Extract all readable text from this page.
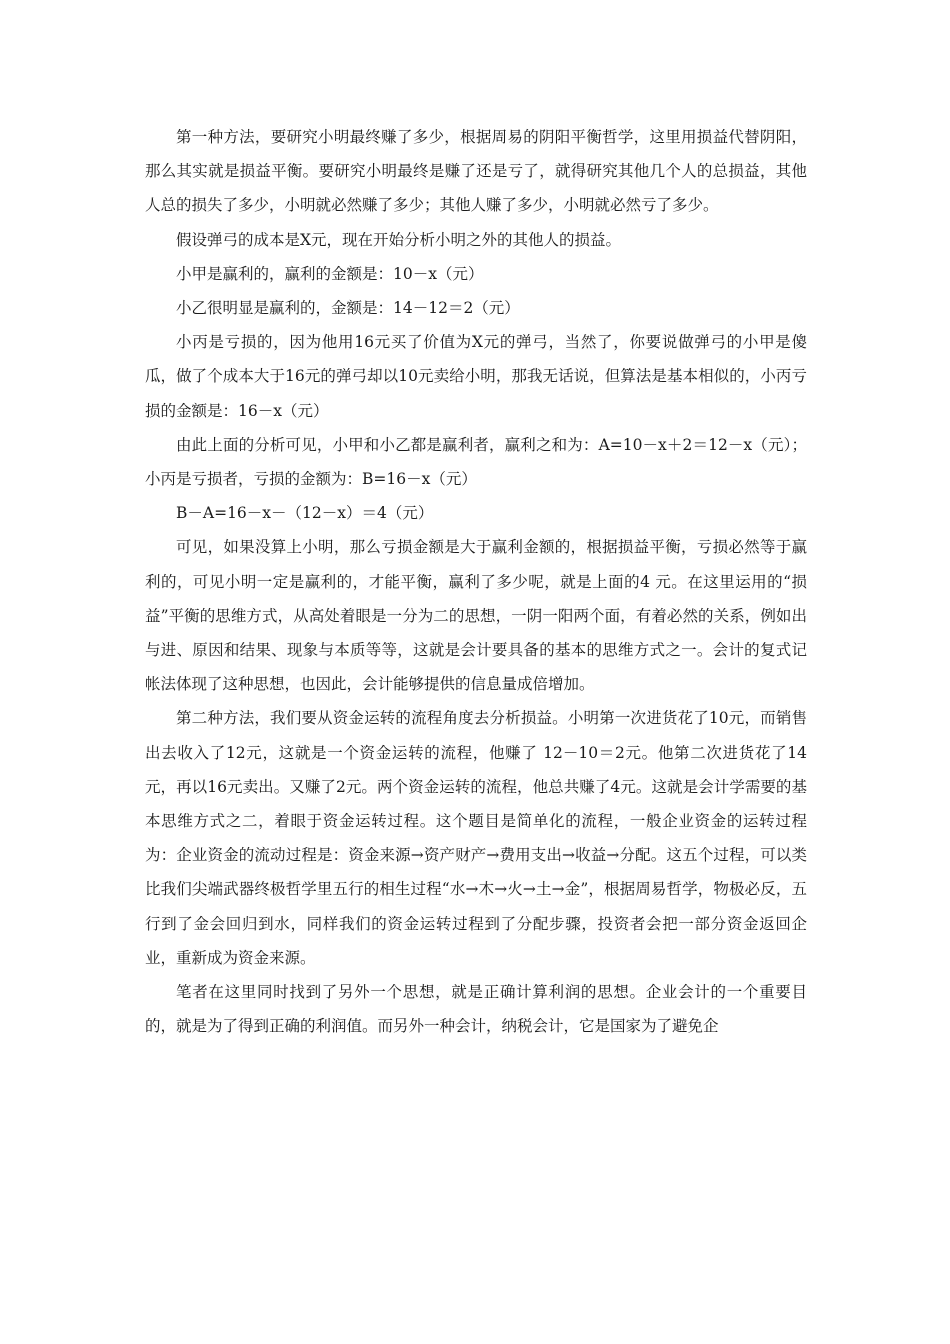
第一种方法，要研究小明最终赚了多少，根据周易的阴阳平衡哲学，这里用损益代替阴阳，那么其实就是损益平衡。要研究小明最终是赚了还是亏了，就得研究其他几个人的总损益，其他人总的损失了多少，小明就必然赚了多少；其他人赚了多少，小明就必然亏了多少。

假设弹弓的成本是X元，现在开始分析小明之外的其他人的损益。

小甲是赢利的，赢利的金额是：10－x（元）

小乙很明显是赢利的，金额是：14－12＝2（元）

小丙是亏损的，因为他用16元买了价值为X元的弹弓，当然了，你要说做弹弓的小甲是傻瓜，做了个成本大于16元的弹弓却以10元卖给小明，那我无话说，但算法是基本相似的，小丙亏损的金额是：16－x（元）

由此上面的分析可见，小甲和小乙都是赢利者，赢利之和为：A=10－x＋2＝12－x（元）；小丙是亏损者，亏损的金额为：B=16－x（元）

B－A=16－x－（12－x）＝4（元）

可见，如果没算上小明，那么亏损金额是大于赢利金额的，根据损益平衡，亏损必然等于赢利的，可见小明一定是赢利的，才能平衡，赢利了多少呢，就是上面的4 元。在这里运用的“损益”平衡的思维方式，从高处着眼是一分为二的思想，一阴一阳两个面，有着必然的关系，例如出与进、原因和结果、现象与本质等等，这就是会计要具备的基本的思维方式之一。会计的复式记帐法体现了这种思想，也因此，会计能够提供的信息量成倍增加。

第二种方法，我们要从资金运转的流程角度去分析损益。小明第一次进货花了10元，而销售出去收入了12元，这就是一个资金运转的流程，他赚了 12－10＝2元。他第二次进货花了14元，再以16元卖出。又赚了2元。两个资金运转的流程，他总共赚了4元。这就是会计学需要的基本思维方式之二，着眼于资金运转过程。这个题目是简单化的流程，一般企业资金的运转过程为：企业资金的流动过程是：资金来源→资产财产→费用支出→收益→分配。这五个过程，可以类比我们尖端武器终极哲学里五行的相生过程“水→木→火→土→金”，根据周易哲学，物极必反，五行到了金会回归到水，同样我们的资金运转过程到了分配步骤，投资者会把一部分资金返回企业，重新成为资金来源。

笔者在这里同时找到了另外一个思想，就是正确计算利润的思想。企业会计的一个重要目的，就是为了得到正确的利润值。而另外一种会计，纳税会计，它是国家为了避免企
